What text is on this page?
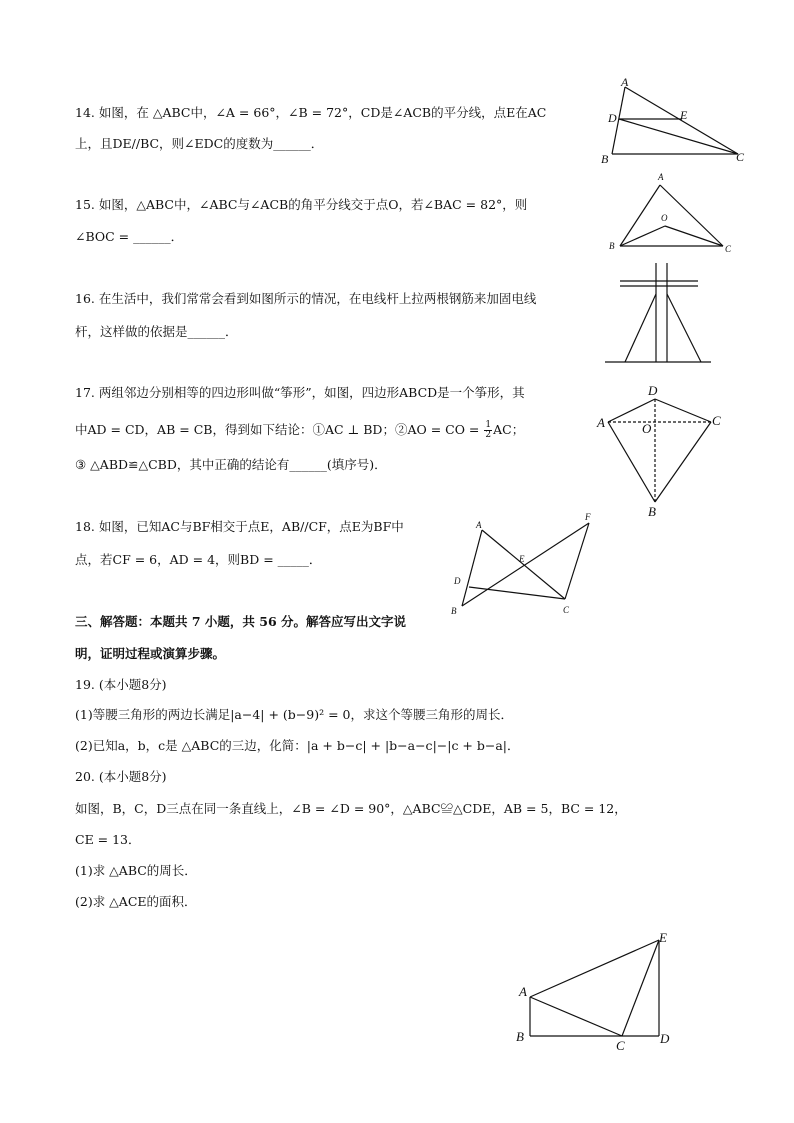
14. 如图，在 △ABC中，∠A = 66°，∠B = 72°，CD是∠ACB的平分线，点E在AC
上，且DE//BC，则∠EDC的度数为______．
A
B	C
D	E
15. 如图，△ABC中，∠ABC与∠ACB的角平分线交于点O，若∠BAC = 82°，则
∠BOC = ______．
A
B	C
O
16. 在生活中，我们常常会看到如图所示的情况，在电线杆上拉两根钢筋来加固电线
杆，这样做的依据是______．
17. 两组邻边分别相等的四边形叫做“筝形”，如图，四边形ABCD是一个筝形，其
中AD = CD，AB = CB，得到如下结论：①AC ⊥ BD；②AO = CO = $\frac{1}{2}$ AC；
③ △ABD≌△CBD，其中正确的结论有______(填序号)．
D
A	C
O
B
18. 如图，已知AC与BF相交于点E，AB//CF，点E为BF中
点，若CF = 6，AD = 4，则BD = _____．
A
B	C
D
E
F
三、解答题：本题共 7 小题，共 56 分。解答应写出文字说
明，证明过程或演算步骤。
19. (本小题8分)
(1)等腰三角形的两边长满足|a−4| + (b−9)² = 0，求这个等腰三角形的周长．
(2)已知a，b，c是 △ABC的三边，化简：|a + b−c| + |b−a−c|−|c + b−a|．
20. (本小题8分)
如图，B，C，D三点在同一条直线上，∠B = ∠D = 90°，△ABC≌△CDE，AB = 5，BC = 12，
CE = 13．
(1)求 △ABC的周长．
(2)求 △ACE的面积．
A
B
C	D
E
